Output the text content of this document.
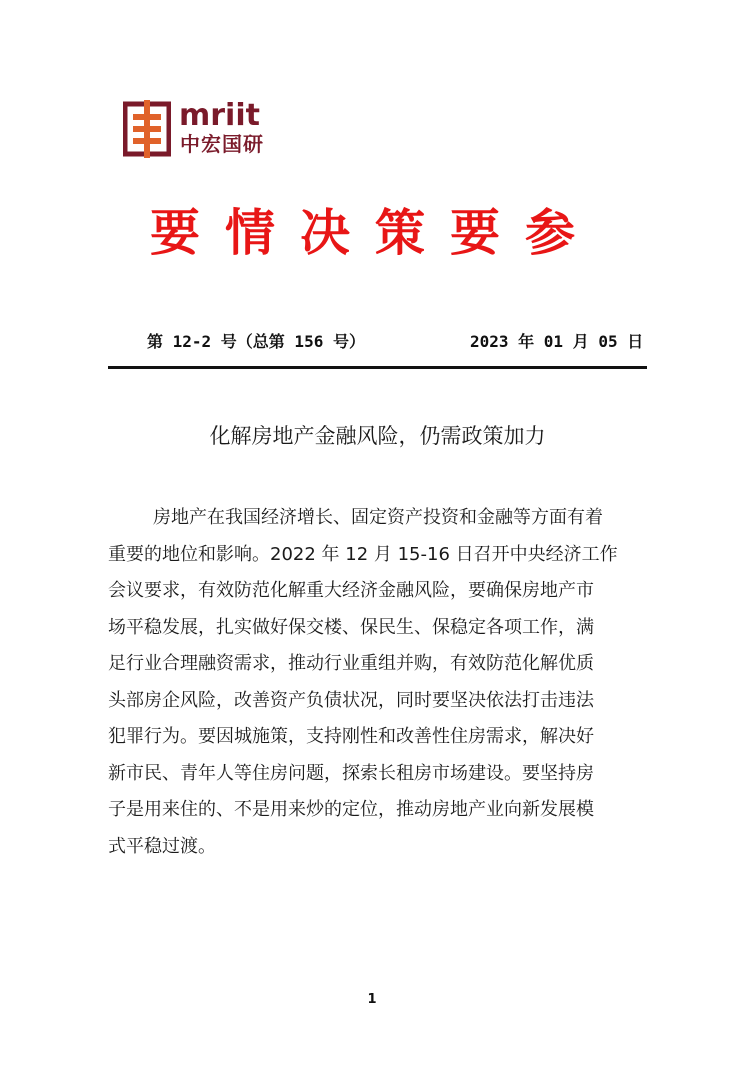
mriit
中宏国研
要情决策要参
第 12-2 号（总第 156 号）	2023 年 01 月 05 日
化解房地产金融风险，仍需政策加力
房地产在我国经济增长、固定资产投资和金融等方面有着
重要的地位和影响。2022 年 12 月 15-16 日召开中央经济工作
会议要求，有效防范化解重大经济金融风险，要确保房地产市
场平稳发展，扎实做好保交楼、保民生、保稳定各项工作，满
足行业合理融资需求，推动行业重组并购，有效防范化解优质
头部房企风险，改善资产负债状况，同时要坚决依法打击违法
犯罪行为。要因城施策，支持刚性和改善性住房需求，解决好
新市民、青年人等住房问题，探索长租房市场建设。要坚持房
子是用来住的、不是用来炒的定位，推动房地产业向新发展模
式平稳过渡。
1
